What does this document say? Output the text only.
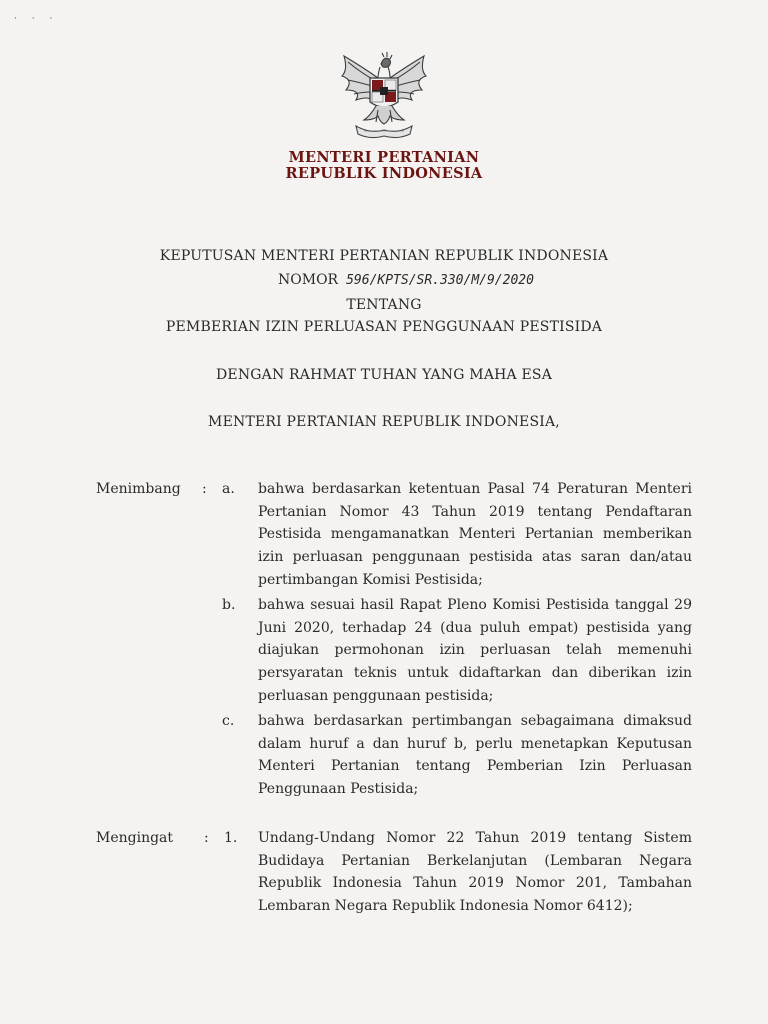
· · ·
MENTERI PERTANIAN
REPUBLIK INDONESIA
KEPUTUSAN MENTERI PERTANIAN REPUBLIK INDONESIA
NOMOR 596/KPTS/SR.330/M/9/2020
TENTANG
PEMBERIAN IZIN PERLUASAN PENGGUNAAN PESTISIDA
DENGAN RAHMAT TUHAN YANG MAHA ESA
MENTERI PERTANIAN REPUBLIK INDONESIA,
Menimbang : a. bahwa berdasarkan ketentuan Pasal 74 Peraturan Menteri Pertanian Nomor 43 Tahun 2019 tentang Pendaftaran Pestisida mengamanatkan Menteri Pertanian memberikan izin perluasan penggunaan pestisida atas saran dan/atau pertimbangan Komisi Pestisida;
b. bahwa sesuai hasil Rapat Pleno Komisi Pestisida tanggal 29 Juni 2020, terhadap 24 (dua puluh empat) pestisida yang diajukan permohonan izin perluasan telah memenuhi persyaratan teknis untuk didaftarkan dan diberikan izin perluasan penggunaan pestisida;
c. bahwa berdasarkan pertimbangan sebagaimana dimaksud dalam huruf a dan huruf b, perlu menetapkan Keputusan Menteri Pertanian tentang Pemberian Izin Perluasan Penggunaan Pestisida;
Mengingat : 1. Undang-Undang Nomor 22 Tahun 2019 tentang Sistem Budidaya Pertanian Berkelanjutan (Lembaran Negara Republik Indonesia Tahun 2019 Nomor 201, Tambahan Lembaran Negara Republik Indonesia Nomor 6412);
